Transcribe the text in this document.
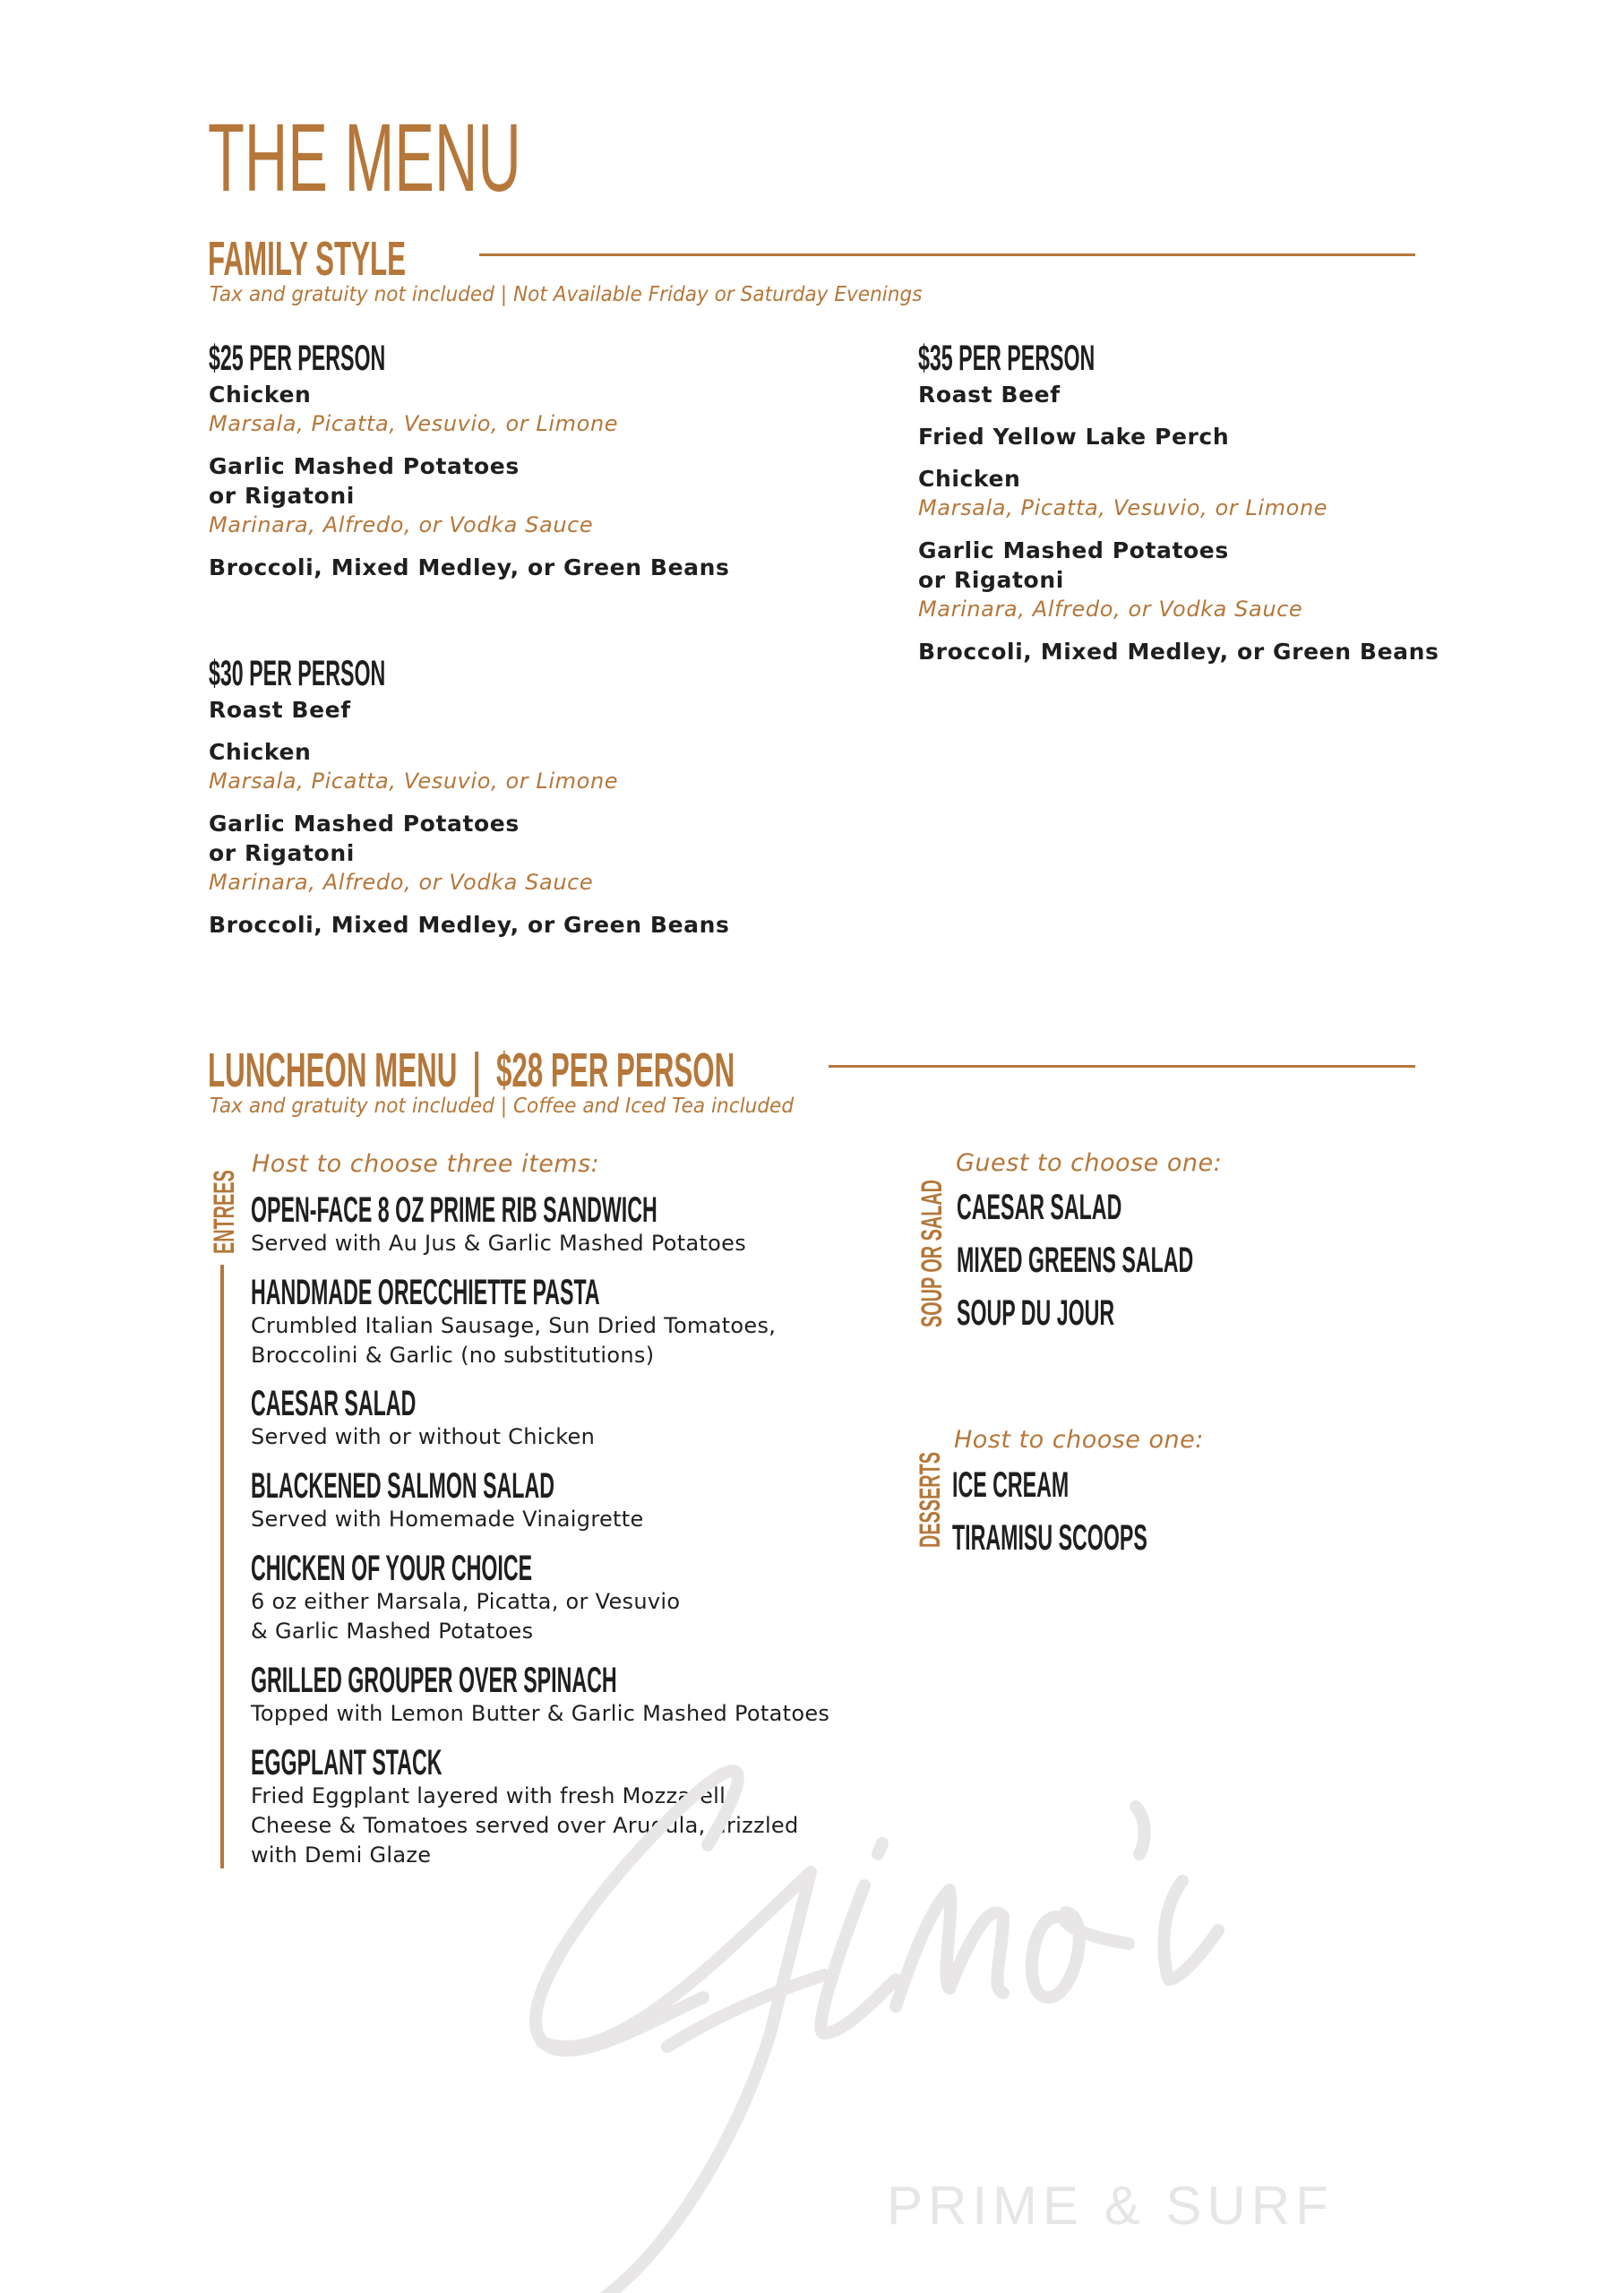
THE MENU
FAMILY STYLE
Tax and gratuity not included | Not Available Friday or Saturday Evenings
$25 PER PERSON
Chicken
Marsala, Picatta, Vesuvio, or Limone
Garlic Mashed Potatoes
or Rigatoni
Marinara, Alfredo, or Vodka Sauce
Broccoli, Mixed Medley, or Green Beans
$30 PER PERSON
Roast Beef
Chicken
Marsala, Picatta, Vesuvio, or Limone
Garlic Mashed Potatoes
or Rigatoni
Marinara, Alfredo, or Vodka Sauce
Broccoli, Mixed Medley, or Green Beans
$35 PER PERSON
Roast Beef
Fried Yellow Lake Perch
Chicken
Marsala, Picatta, Vesuvio, or Limone
Garlic Mashed Potatoes
or Rigatoni
Marinara, Alfredo, or Vodka Sauce
Broccoli, Mixed Medley, or Green Beans
LUNCHEON MENU  |  $28 PER PERSON
Tax and gratuity not included | Coffee and Iced Tea included
ENTREES
Host to choose three items:
OPEN-FACE 8 OZ PRIME RIB SANDWICH
Served with Au Jus & Garlic Mashed Potatoes
HANDMADE ORECCHIETTE PASTA
Crumbled Italian Sausage, Sun Dried Tomatoes,
Broccolini & Garlic (no substitutions)
CAESAR SALAD
Served with or without Chicken
BLACKENED SALMON SALAD
Served with Homemade Vinaigrette
CHICKEN OF YOUR CHOICE
6 oz either Marsala, Picatta, or Vesuvio
& Garlic Mashed Potatoes
GRILLED GROUPER OVER SPINACH
Topped with Lemon Butter & Garlic Mashed Potatoes
EGGPLANT STACK
Fried Eggplant layered with fresh Mozzarella
Cheese & Tomatoes served over Arugula, drizzled
with Demi Glaze
SOUP OR SALAD
Guest to choose one:
CAESAR SALAD
MIXED GREENS SALAD
SOUP DU JOUR
DESSERTS
Host to choose one:
ICE CREAM
TIRAMISU SCOOPS
PRIME & SURF
